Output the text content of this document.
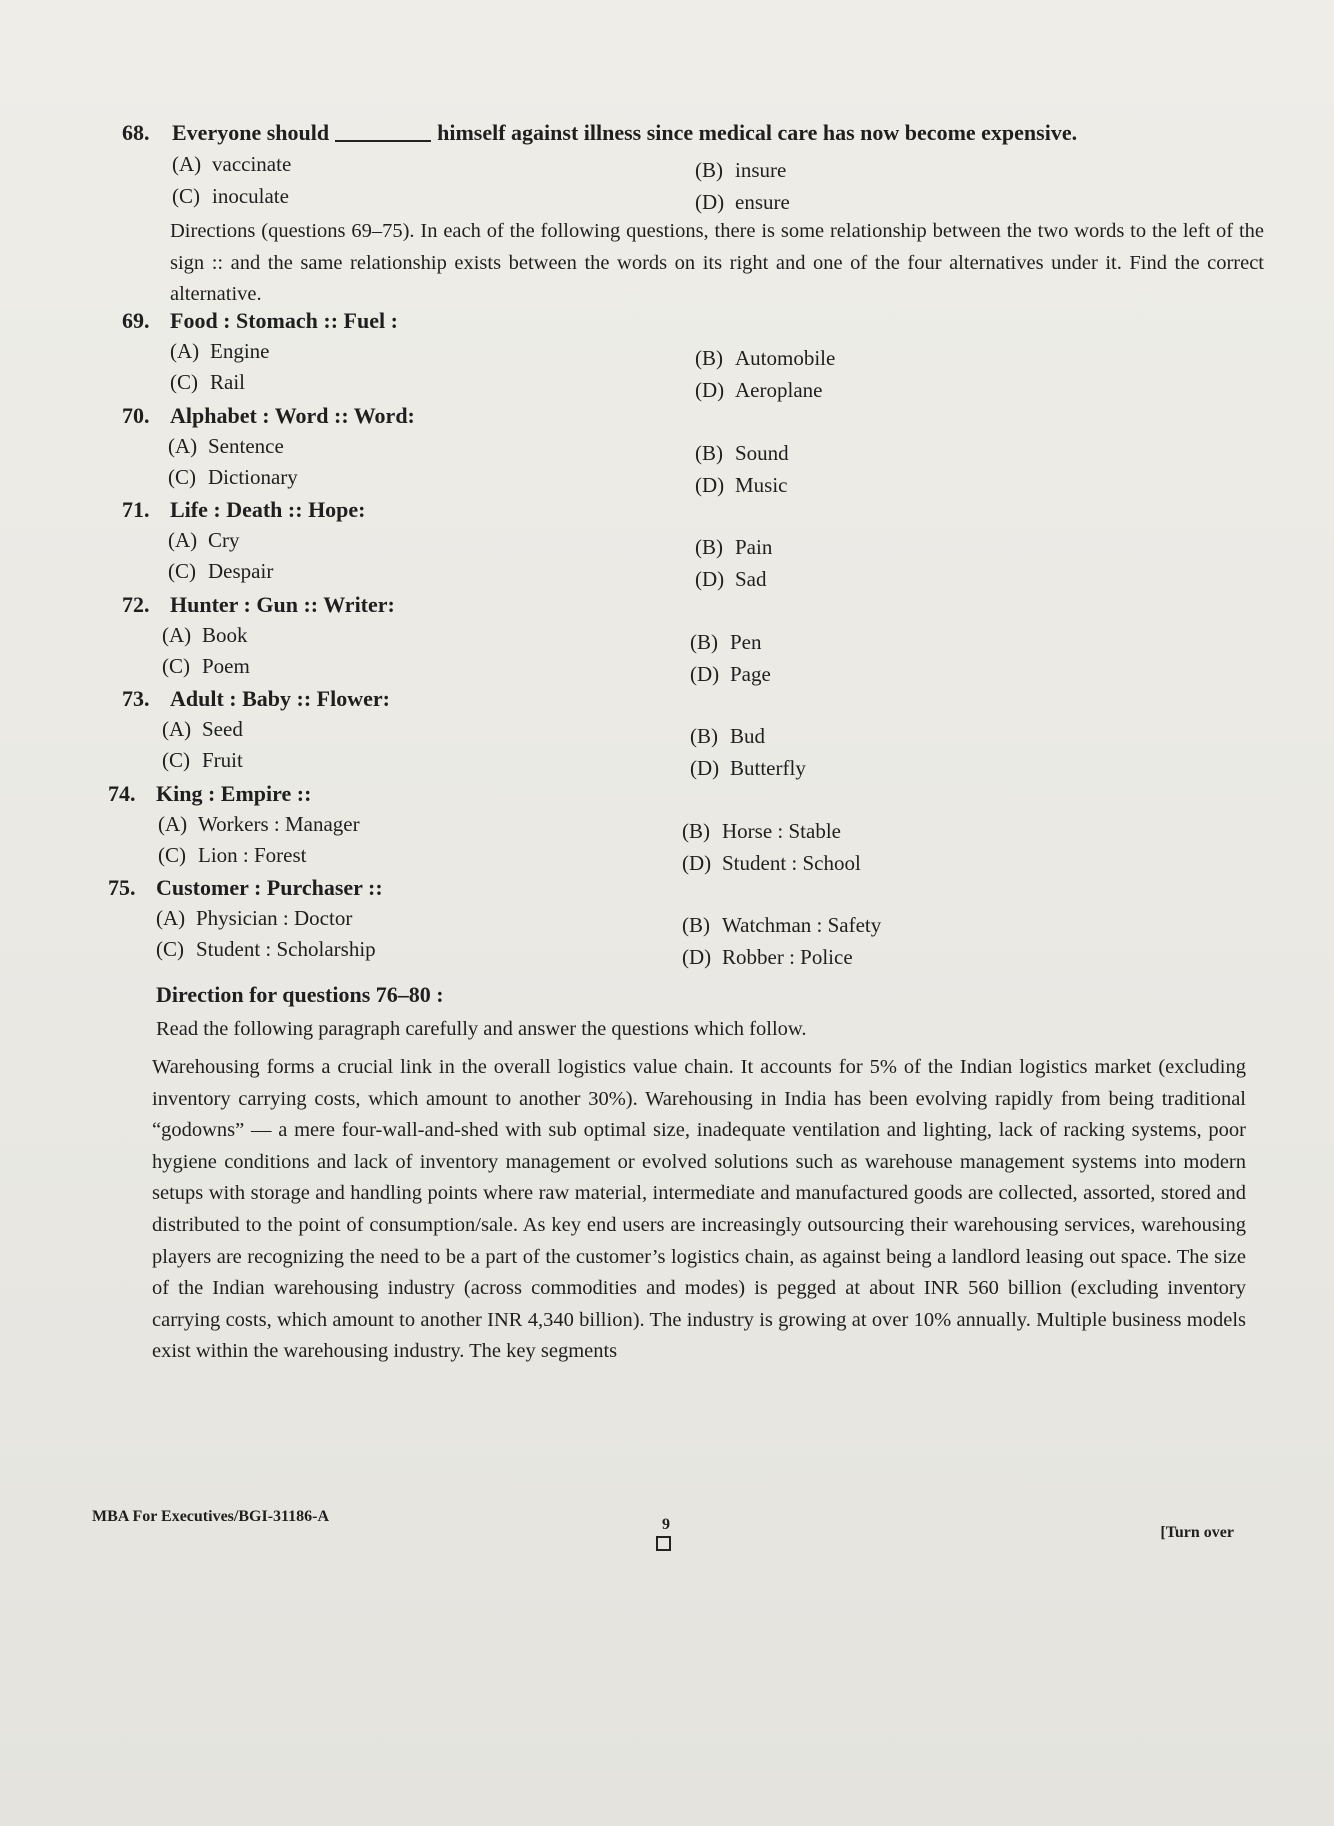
68. Everyone should	himself against illness since medical care has now become expensive.
(A) vaccinate	(B) insure
(C) inoculate	(D) ensure
Directions (questions 69–75). In each of the following questions, there is some relationship between the two words to the left of the sign :: and the same relationship exists between the words on its right and one of the four alternatives under it. Find the correct alternative.
69. Food : Stomach :: Fuel :
(A) Engine	(B) Automobile
(C) Rail	(D) Aeroplane
70. Alphabet : Word :: Word:
(A) Sentence	(B) Sound
(C) Dictionary	(D) Music
71. Life : Death :: Hope:
(A) Cry	(B) Pain
(C) Despair	(D) Sad
72. Hunter : Gun :: Writer:
(A) Book	(B) Pen
(C) Poem	(D) Page
73. Adult : Baby :: Flower:
(A) Seed	(B) Bud
(C) Fruit	(D) Butterfly
74. King : Empire ::
(A) Workers : Manager	(B) Horse : Stable
(C) Lion : Forest	(D) Student : School
75. Customer : Purchaser ::
(A) Physician : Doctor	(B) Watchman : Safety
(C) Student : Scholarship	(D) Robber : Police
Direction for questions 76–80 :
Read the following paragraph carefully and answer the questions which follow.
Warehousing forms a crucial link in the overall logistics value chain. It accounts for 5% of the Indian logistics market (excluding inventory carrying costs, which amount to another 30%). Warehousing in India has been evolving rapidly from being traditional “godowns” — a mere four-wall-and-shed with sub optimal size, inadequate ventilation and lighting, lack of racking systems, poor hygiene conditions and lack of inventory management or evolved solutions such as warehouse management systems into modern setups with storage and handling points where raw material, intermediate and manufactured goods are collected, assorted, stored and distributed to the point of consumption/sale. As key end users are increasingly outsourcing their warehousing services, warehousing players are recognizing the need to be a part of the customer’s logistics chain, as against being a landlord leasing out space. The size of the Indian warehousing industry (across commodities and modes) is pegged at about INR 560 billion (excluding inventory carrying costs, which amount to another INR 4,340 billion). The industry is growing at over 10% annually. Multiple business models exist within the warehousing industry. The key segments
MBA For Executives/BGI-31186-A	9	[Turn over
